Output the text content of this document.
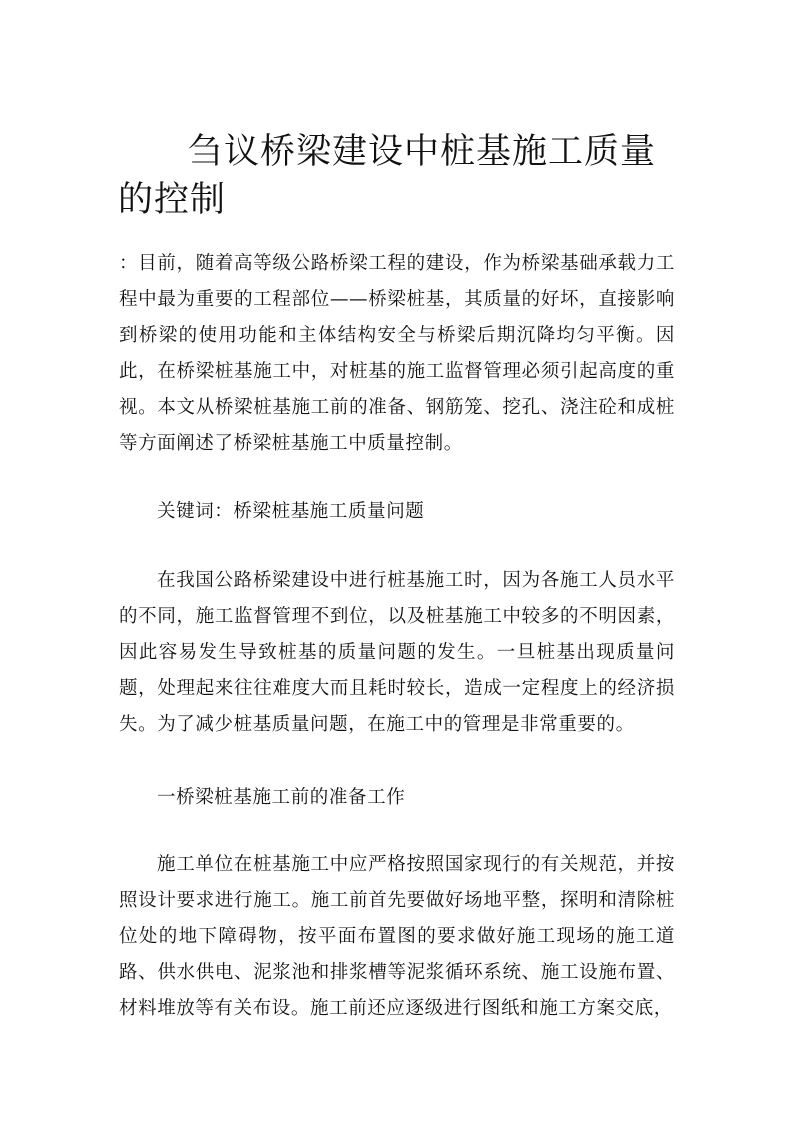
刍议桥梁建设中桩基施工质量的控制

：目前，随着高等级公路桥梁工程的建设，作为桥梁基础承载力工程中最为重要的工程部位——桥梁桩基，其质量的好坏，直接影响到桥梁的使用功能和主体结构安全与桥梁后期沉降均匀平衡。因此，在桥梁桩基施工中，对桩基的施工监督管理必须引起高度的重视。本文从桥梁桩基施工前的准备、钢筋笼、挖孔、浇注砼和成桩等方面阐述了桥梁桩基施工中质量控制。

关键词：桥梁桩基施工质量问题

在我国公路桥梁建设中进行桩基施工时，因为各施工人员水平的不同，施工监督管理不到位，以及桩基施工中较多的不明因素，因此容易发生导致桩基的质量问题的发生。一旦桩基出现质量问题，处理起来往往难度大而且耗时较长，造成一定程度上的经济损失。为了减少桩基质量问题，在施工中的管理是非常重要的。

一桥梁桩基施工前的准备工作

施工单位在桩基施工中应严格按照国家现行的有关规范，并按照设计要求进行施工。施工前首先要做好场地平整，探明和清除桩位处的地下障碍物，按平面布置图的要求做好施工现场的施工道路、供水供电、泥浆池和排浆槽等泥浆循环系统、施工设施布置、材料堆放等有关布设。施工前还应逐级进行图纸和施工方案交底，
